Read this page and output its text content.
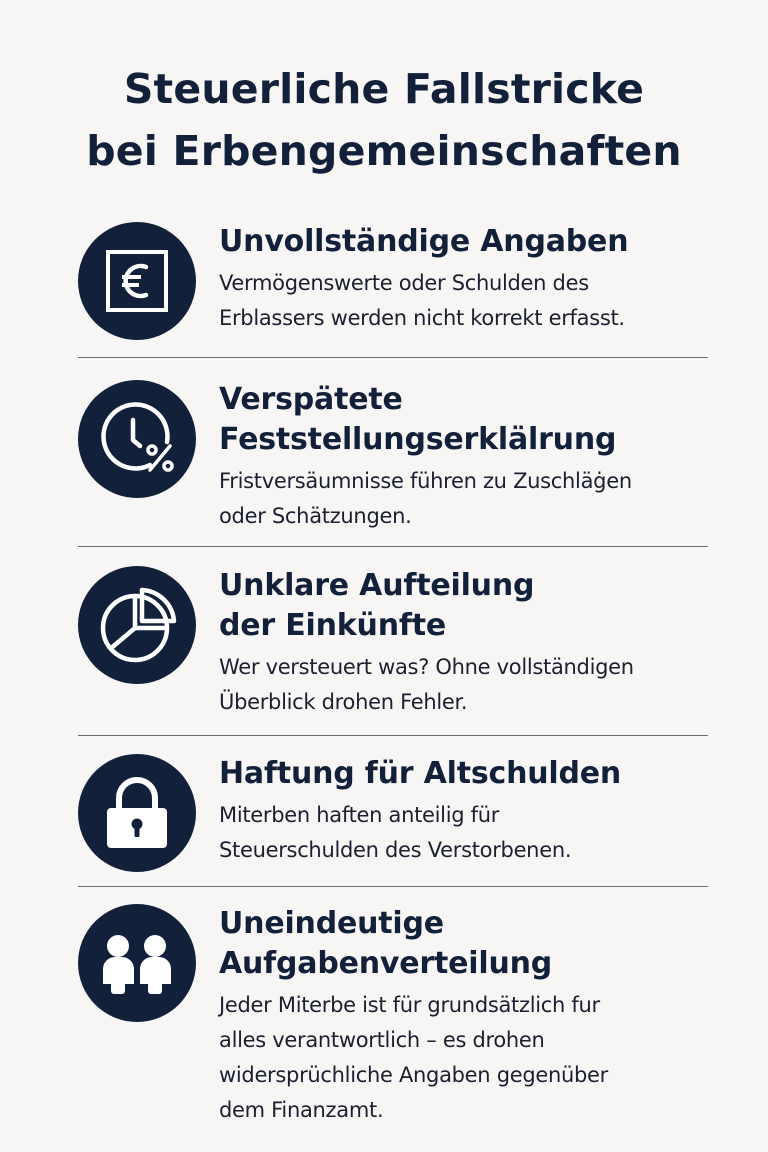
Steuerliche Fallstricke
bei Erbengemeinschaften
Unvollständige Angaben

Vermögenswerte oder Schulden des
Erblassers werden nicht korrekt erfasst.

Verspätete
Feststellungserklälrung

Fristversäumnisse führen zu Zuschläġen
oder Schätzungen.

Unklare Aufteilung
der Einkünfte

Wer versteuert was? Ohne vollständigen
Überblick drohen Fehler.

Haftung für Altschulden

Miterben haften anteilig für
Steuerschulden des Verstorbenen.

Uneindeutige
Aufgabenverteilung

Jeder Miterbe ist für grundsätzlich fur
alles verantwortlich – es drohen
widersprüchliche Angaben gegenüber
dem Finanzamt.
